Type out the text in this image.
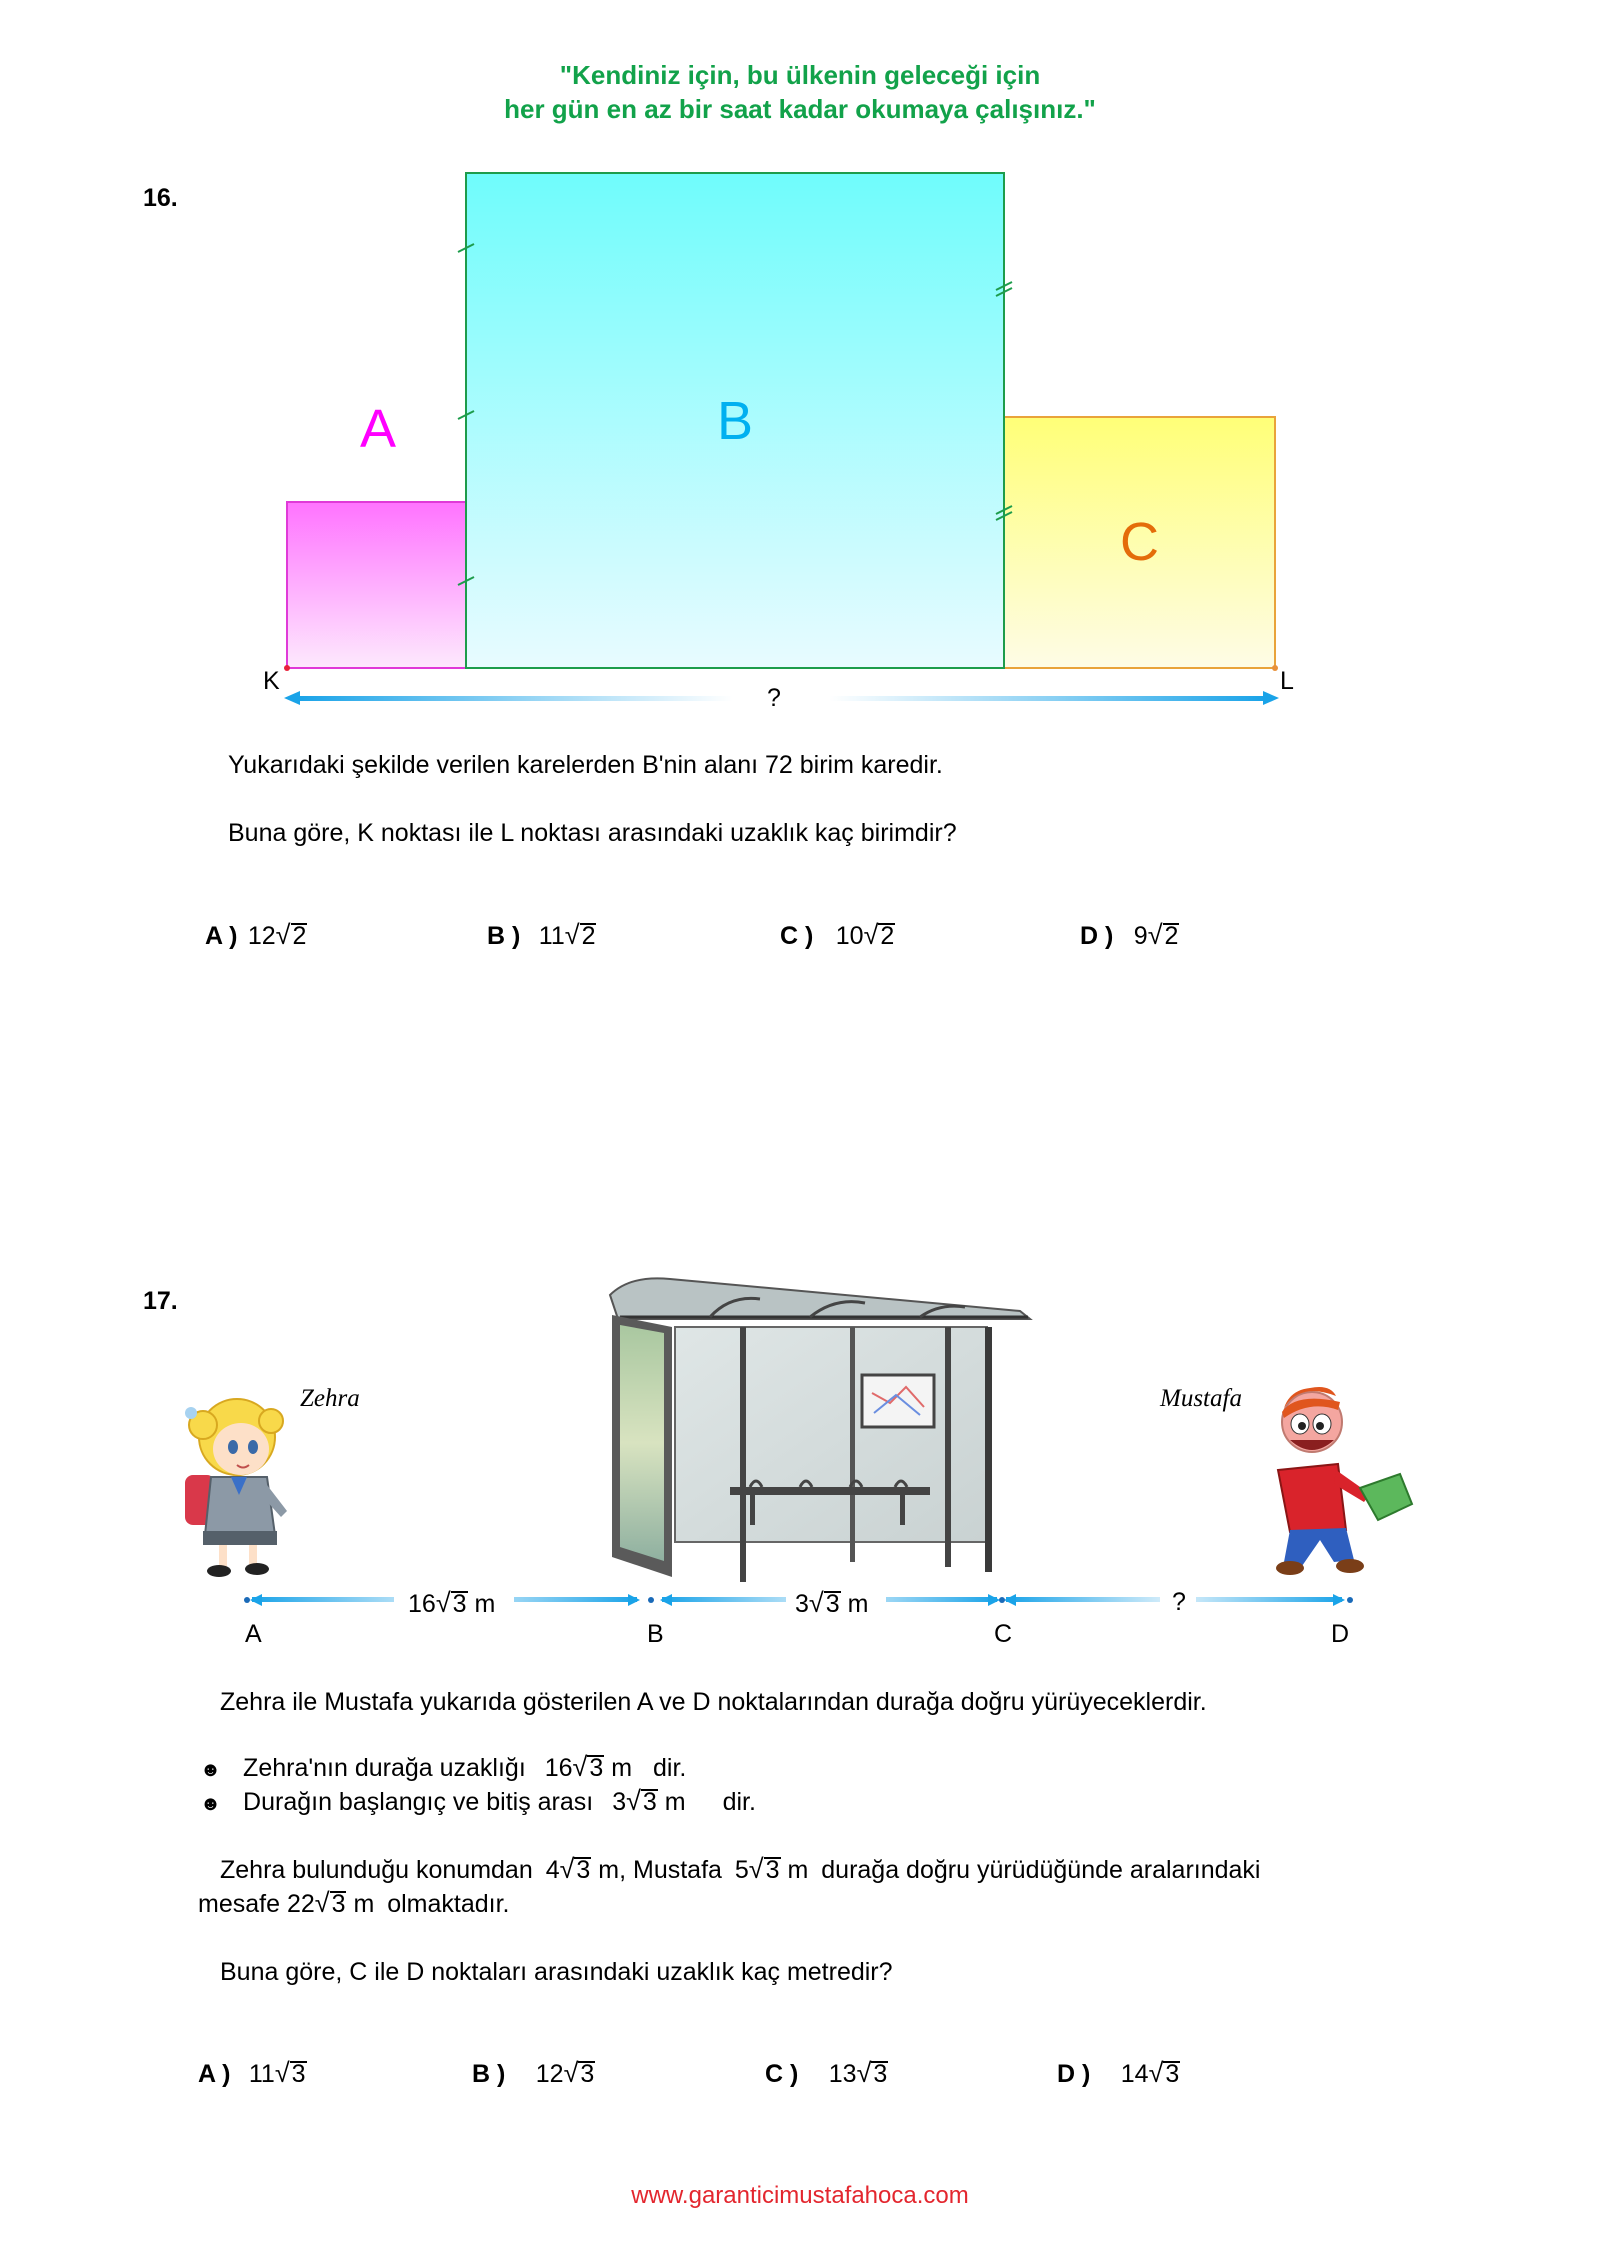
"Kendiniz için, bu ülkenin geleceği için
her gün en az bir saat kadar okumaya çalışınız."
16.
A	B
C
K	L
?
Yukarıdaki şekilde verilen karelerden B'nin alanı 72 birim karedir.
Buna göre, K noktası ile L noktası arasındaki uzaklık kaç birimdir?
A ) 12√2	B ) 11√2	C ) 10√2	D ) 9√2
17.
Zehra	Mustafa
16√3 m	3√3 m	?
A	B	C	D
Zehra ile Mustafa yukarıda gösterilen A ve D noktalarından durağa doğru yürüyeceklerdir.
☻ Zehra'nın durağa uzaklığı 16√3 m dir.
☻ Durağın başlangıç ve bitiş arası 3√3 m dir.
Zehra bulunduğu konumdan 4√3 m, Mustafa 5√3 m durağa doğru yürüdüğünde aralarındaki
mesafe 22√3 m olmaktadır.
Buna göre, C ile D noktaları arasındaki uzaklık kaç metredir?
A ) 11√3	B ) 12√3	C ) 13√3	D ) 14√3
www.garanticimustafahoca.com
